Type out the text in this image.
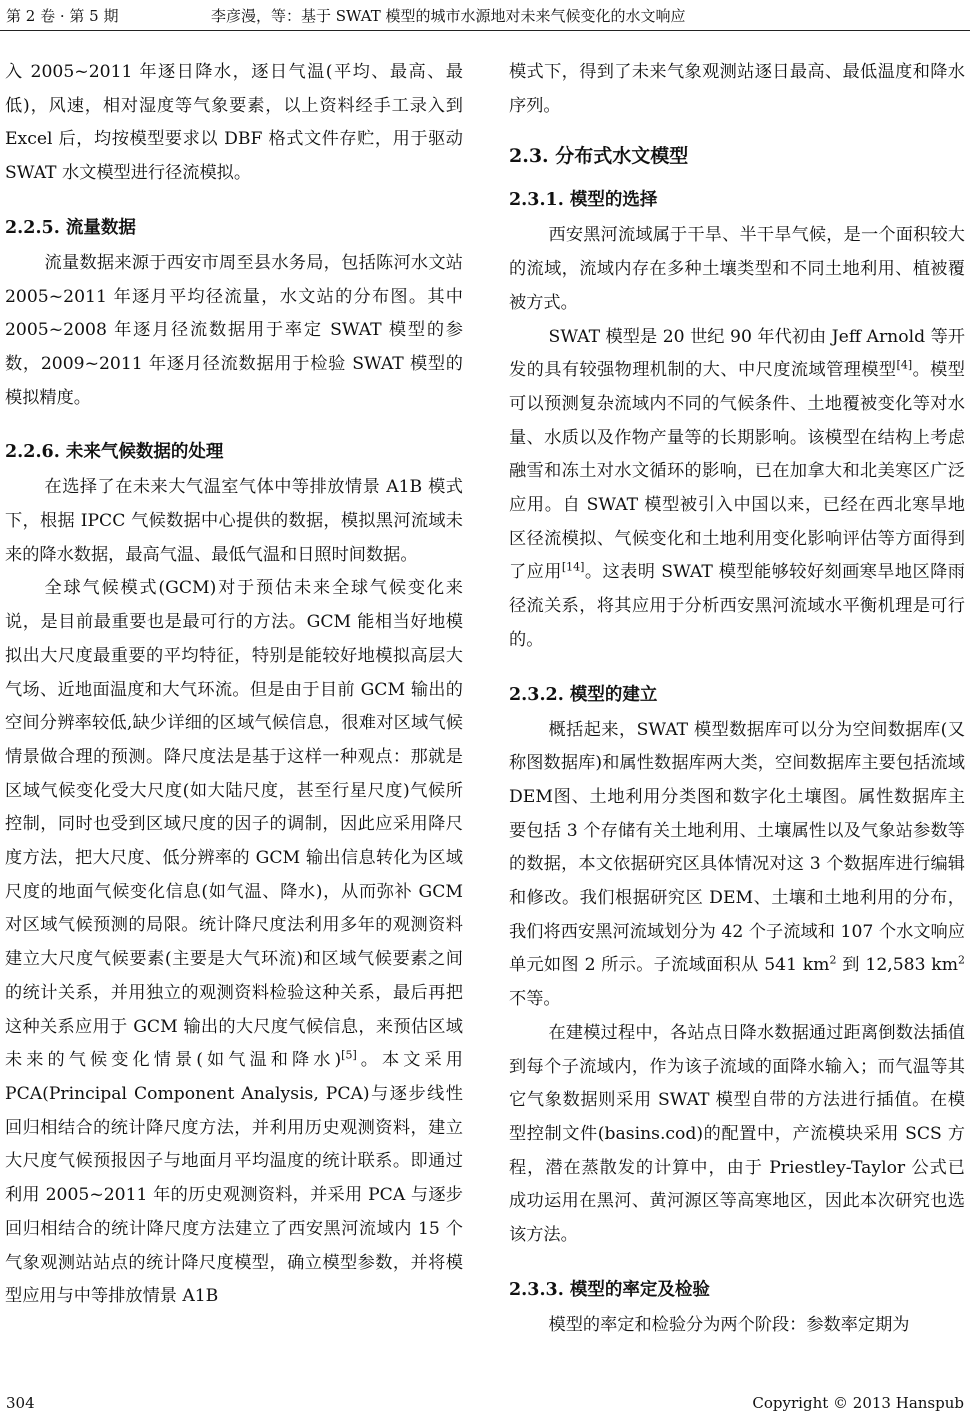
第 2 卷 · 第 5 期	李彦漫，等：基于 SWAT 模型的城市水源地对未来气候变化的水文响应

入 2005~2011 年逐日降水，逐日气温(平均、最高、最低)，风速，相对湿度等气象要素，以上资料经手工录入到 Excel 后，均按模型要求以 DBF 格式文件存贮，用于驱动 SWAT 水文模型进行径流模拟。

2.2.5. 流量数据

流量数据来源于西安市周至县水务局，包括陈河水文站 2005~2011 年逐月平均径流量，水文站的分布图。其中 2005~2008 年逐月径流数据用于率定 SWAT 模型的参数，2009~2011 年逐月径流数据用于检验 SWAT 模型的模拟精度。

2.2.6. 未来气候数据的处理

在选择了在未来大气温室气体中等排放情景 A1B 模式下，根据 IPCC 气候数据中心提供的数据，模拟黑河流域未来的降水数据，最高气温、最低气温和日照时间数据。

全球气候模式(GCM)对于预估未来全球气候变化来说，是目前最重要也是最可行的方法。GCM 能相当好地模拟出大尺度最重要的平均特征，特别是能较好地模拟高层大气场、近地面温度和大气环流。但是由于目前 GCM 输出的空间分辨率较低,缺少详细的区域气候信息，很难对区域气候情景做合理的预测。降尺度法是基于这样一种观点：那就是区域气候变化受大尺度(如大陆尺度，甚至行星尺度)气候所控制，同时也受到区域尺度的因子的调制，因此应采用降尺度方法，把大尺度、低分辨率的 GCM 输出信息转化为区域尺度的地面气候变化信息(如气温、降水)，从而弥补 GCM 对区域气候预测的局限。统计降尺度法利用多年的观测资料建立大尺度气候要素(主要是大气环流)和区域气候要素之间的统计关系，并用独立的观测资料检验这种关系，最后再把这种关系应用于 GCM 输出的大尺度气候信息，来预估区域未来的气候变化情景(如气温和降水)[5]。本文采用 PCA(Principal Component Analysis, PCA)与逐步线性回归相结合的统计降尺度方法，并利用历史观测资料，建立大尺度气候预报因子与地面月平均温度的统计联系。即通过利用 2005~2011 年的历史观测资料，并采用 PCA 与逐步回归相结合的统计降尺度方法建立了西安黑河流域内 15 个气象观测站站点的统计降尺度模型，确立模型参数，并将模型应用与中等排放情景 A1B

模式下，得到了未来气象观测站逐日最高、最低温度和降水序列。

2.3. 分布式水文模型
2.3.1. 模型的选择

西安黑河流域属于干旱、半干旱气候，是一个面积较大的流域，流域内存在多种土壤类型和不同土地利用、植被覆被方式。

SWAT 模型是 20 世纪 90 年代初由 Jeff Arnold 等开发的具有较强物理机制的大、中尺度流域管理模型[4]。模型可以预测复杂流域内不同的气候条件、土地覆被变化等对水量、水质以及作物产量等的长期影响。该模型在结构上考虑融雪和冻土对水文循环的影响，已在加拿大和北美寒区广泛应用。自 SWAT 模型被引入中国以来，已经在西北寒旱地区径流模拟、气候变化和土地利用变化影响评估等方面得到了应用[14]。这表明 SWAT 模型能够较好刻画寒旱地区降雨径流关系，将其应用于分析西安黑河流域水平衡机理是可行的。

2.3.2. 模型的建立

概括起来，SWAT 模型数据库可以分为空间数据库(又称图数据库)和属性数据库两大类，空间数据库主要包括流域 DEM图、土地利用分类图和数字化土壤图。属性数据库主要包括 3 个存储有关土地利用、土壤属性以及气象站参数等的数据，本文依据研究区具体情况对这 3 个数据库进行编辑和修改。我们根据研究区 DEM、土壤和土地利用的分布，我们将西安黑河流域划分为 42 个子流域和 107 个水文响应单元如图 2 所示。子流域面积从 541 $km^2$ 到 12,583 $km^2$ 不等。

在建模过程中，各站点日降水数据通过距离倒数法插值到每个子流域内，作为该子流域的面降水输入；而气温等其它气象数据则采用 SWAT 模型自带的方法进行插值。在模型控制文件(basins.cod)的配置中，产流模块采用 SCS 方程，潜在蒸散发的计算中，由于 Priestley-Taylor 公式已成功运用在黑河、黄河源区等高寒地区，因此本次研究也选该方法。

2.3.3. 模型的率定及检验

模型的率定和检验分为两个阶段：参数率定期为

304	Copyright © 2013 Hanspub
